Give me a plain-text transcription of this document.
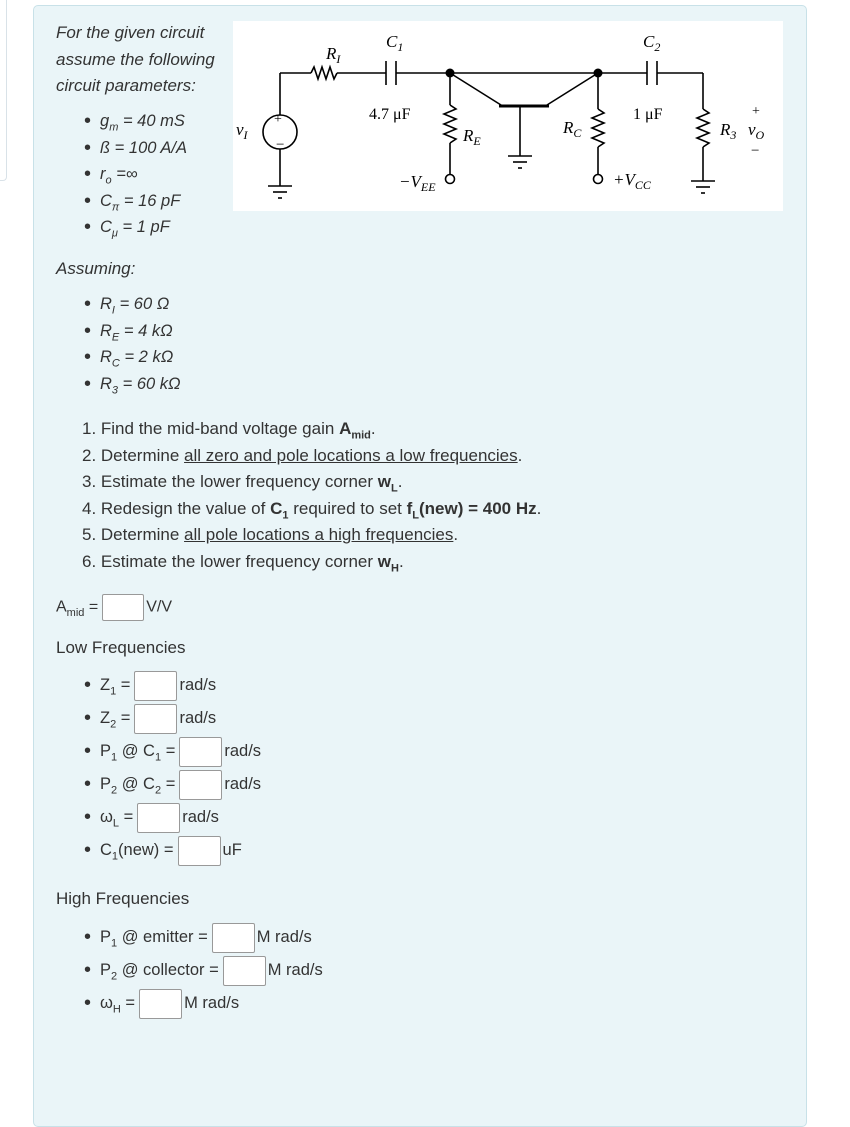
For the given circuit assume the following circuit parameters:
• $g_m = 40$ mS
• ß = 100 A/A
• $r_o$ =∞
• $C_\pi = 16$ pF
• $C_\mu = 1$ pF
+
−
$v_I$
$R_I$
$C_1$
4.7 μF
$R_E$
$-V_{EE}$
$R_C$
$+V_{CC}$
$C_2$
1 μF
$R_3$
+
$v_O$
−
Assuming:
• $R_I = 60$ Ω
• $R_E = 4$ kΩ
• $R_C = 2$ kΩ
• $R_3 = 60$ kΩ
1. Find the mid-band voltage gain $A_{mid}$.
2. Determine all zero and pole locations a low frequencies.
3. Estimate the lower frequency corner $w_L$.
4. Redesign the value of $C_1$ required to set $f_L(new) = 400$ Hz.
5. Determine all pole locations a high frequencies.
6. Estimate the lower frequency corner $w_H$.
$A_{mid}$ =	V/V
Low Frequencies
• $Z_1$ =	rad/s
• $Z_2$ =	rad/s
• $P_1$ @ $C_1$ =	rad/s
• $P_2$ @ $C_2$ =	rad/s
• $\omega_L$ =	rad/s
• $C_1(new)$ =	uF
High Frequencies
• $P_1$ @ emitter =	M rad/s
• $P_2$ @ collector =	M rad/s
• $\omega_H$ =	M rad/s
